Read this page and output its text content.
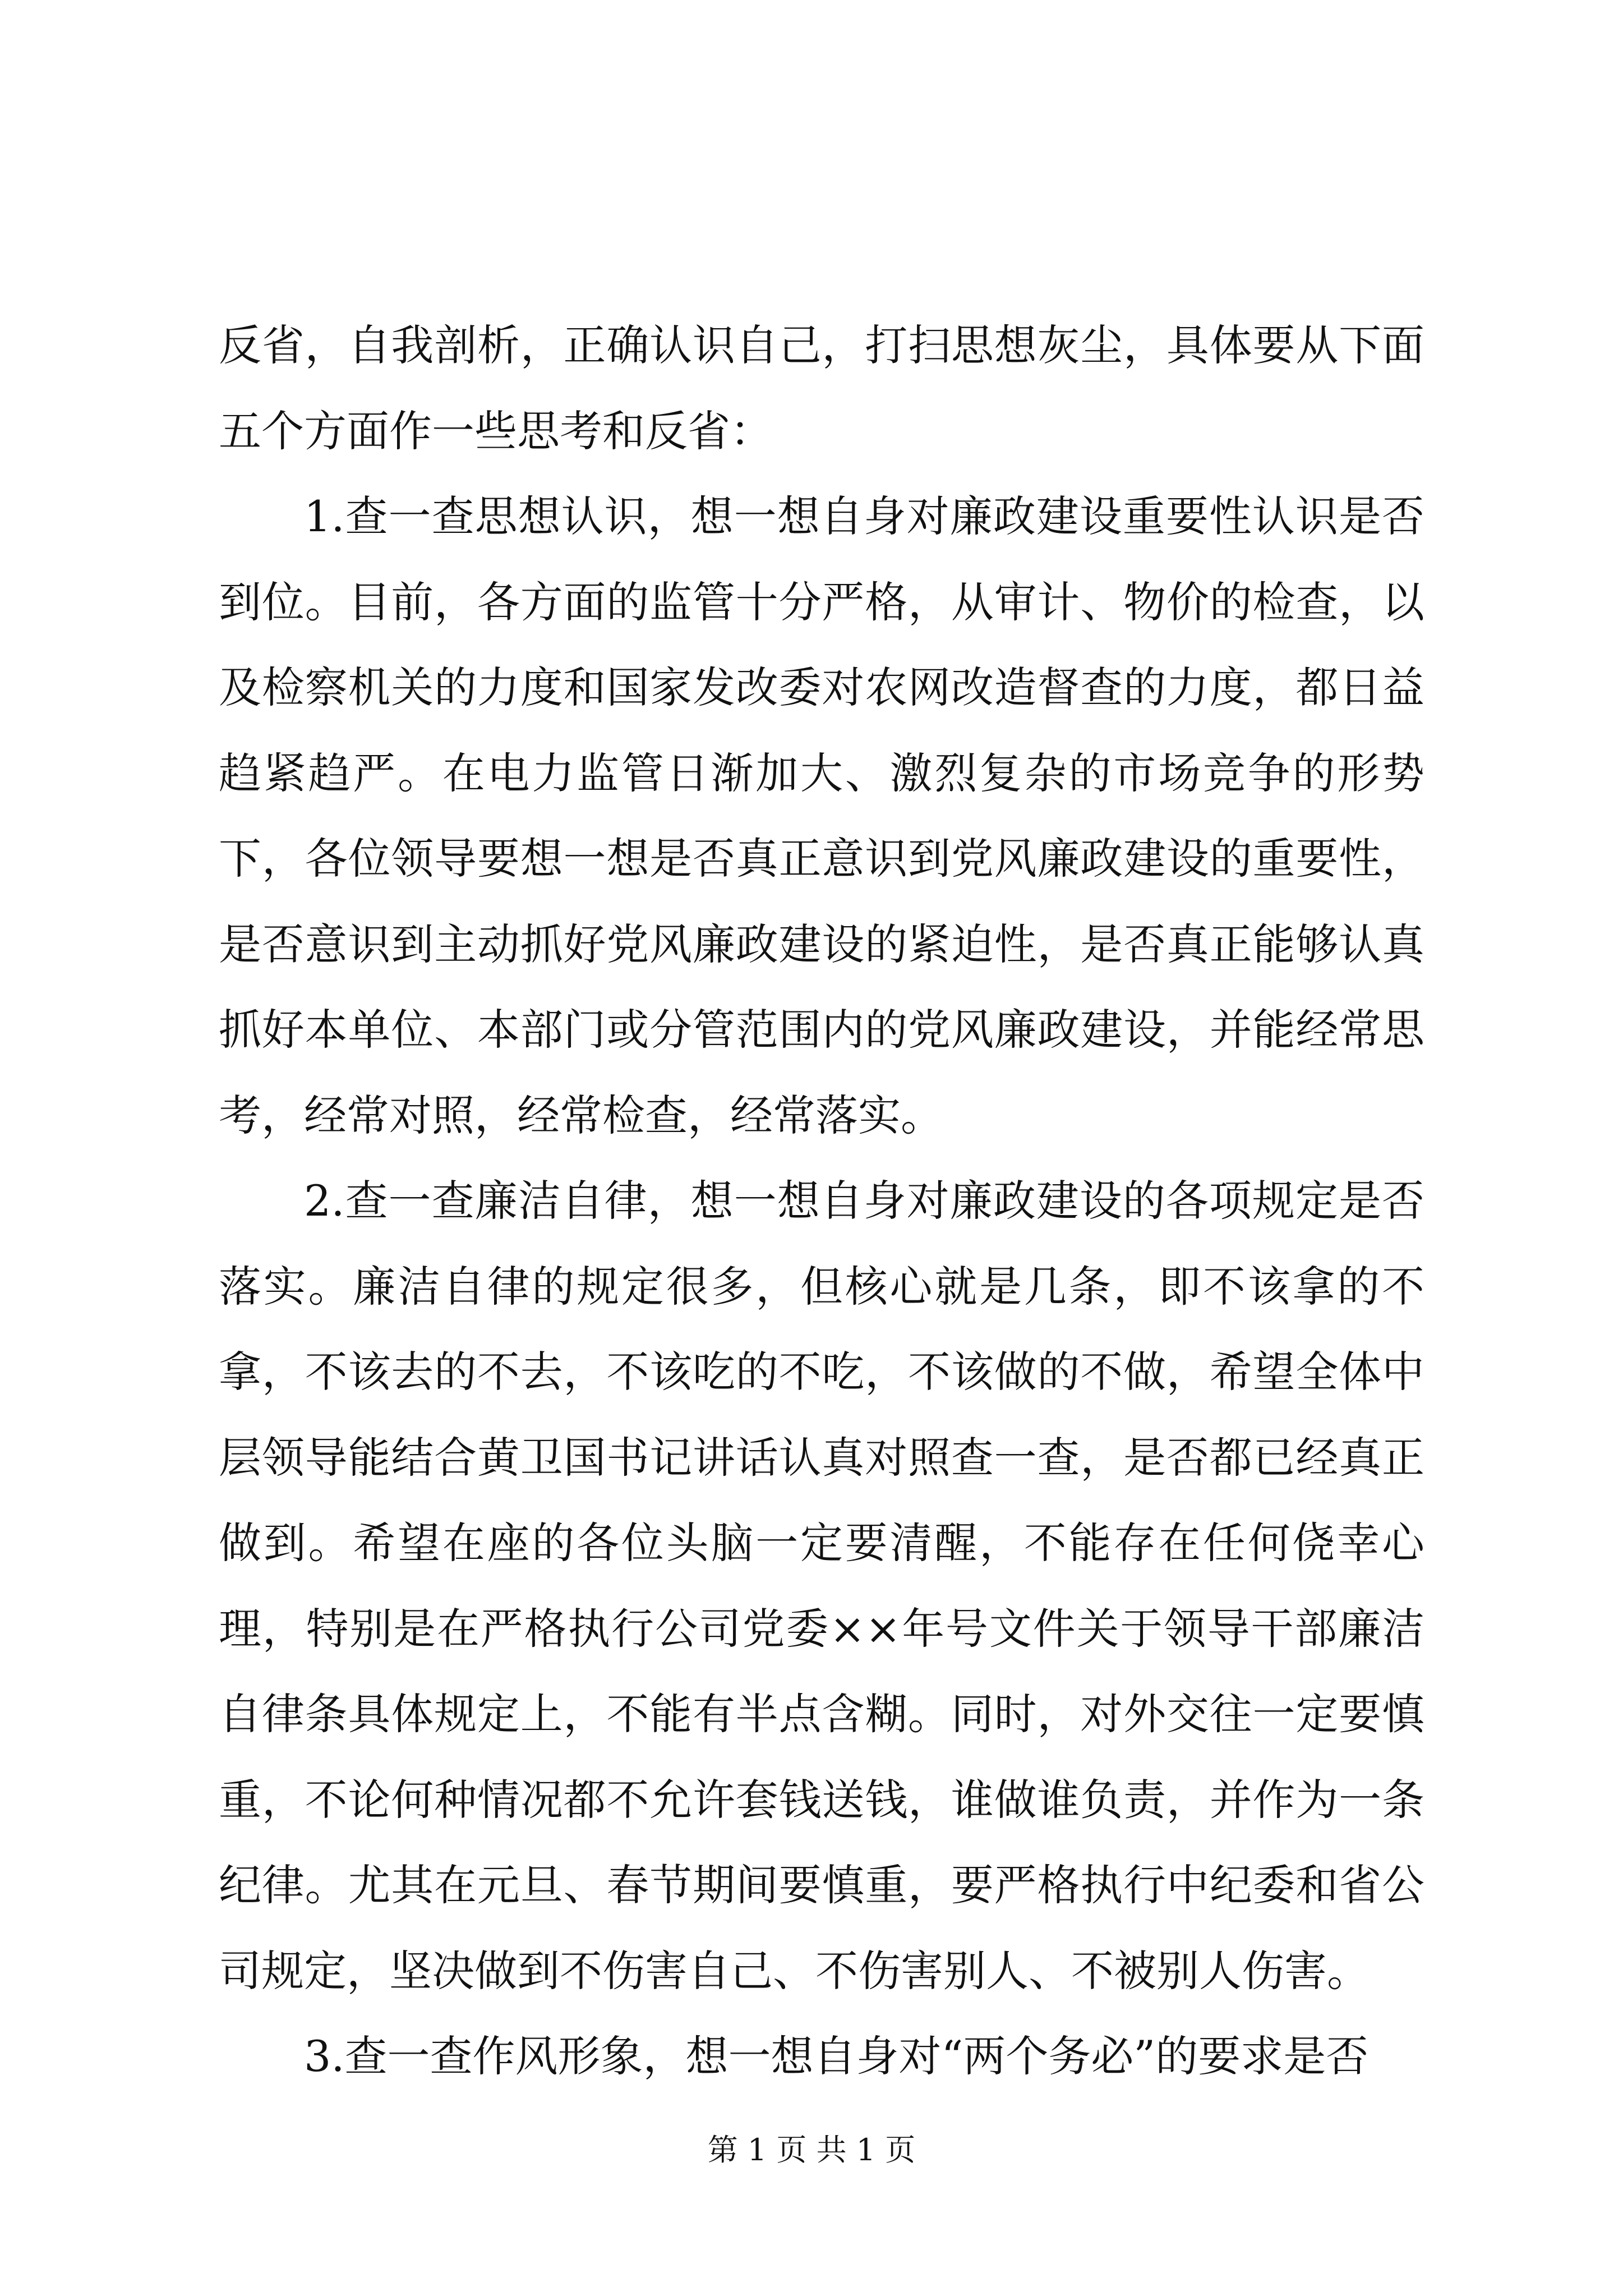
反省，自我剖析，正确认识自己，打扫思想灰尘，具体要从下面五个方面作一些思考和反省：

1.查一查思想认识，想一想自身对廉政建设重要性认识是否到位。目前，各方面的监管十分严格，从审计、物价的检查，以及检察机关的力度和国家发改委对农网改造督查的力度，都日益趋紧趋严。在电力监管日渐加大、激烈复杂的市场竞争的形势下，各位领导要想一想是否真正意识到党风廉政建设的重要性，是否意识到主动抓好党风廉政建设的紧迫性，是否真正能够认真抓好本单位、本部门或分管范围内的党风廉政建设，并能经常思考，经常对照，经常检查，经常落实。

2.查一查廉洁自律，想一想自身对廉政建设的各项规定是否落实。廉洁自律的规定很多，但核心就是几条，即不该拿的不拿，不该去的不去，不该吃的不吃，不该做的不做，希望全体中层领导能结合黄卫国书记讲话认真对照查一查，是否都已经真正做到。希望在座的各位头脑一定要清醒，不能存在任何侥幸心理，特别是在严格执行公司党委××年号文件关于领导干部廉洁自律条具体规定上，不能有半点含糊。同时，对外交往一定要慎重，不论何种情况都不允许套钱送钱，谁做谁负责，并作为一条纪律。尤其在元旦、春节期间要慎重，要严格执行中纪委和省公司规定，坚决做到不伤害自己、不伤害别人、不被别人伤害。

3.查一查作风形象，想一想自身对“两个务必”的要求是否

第 1 页 共 1 页
